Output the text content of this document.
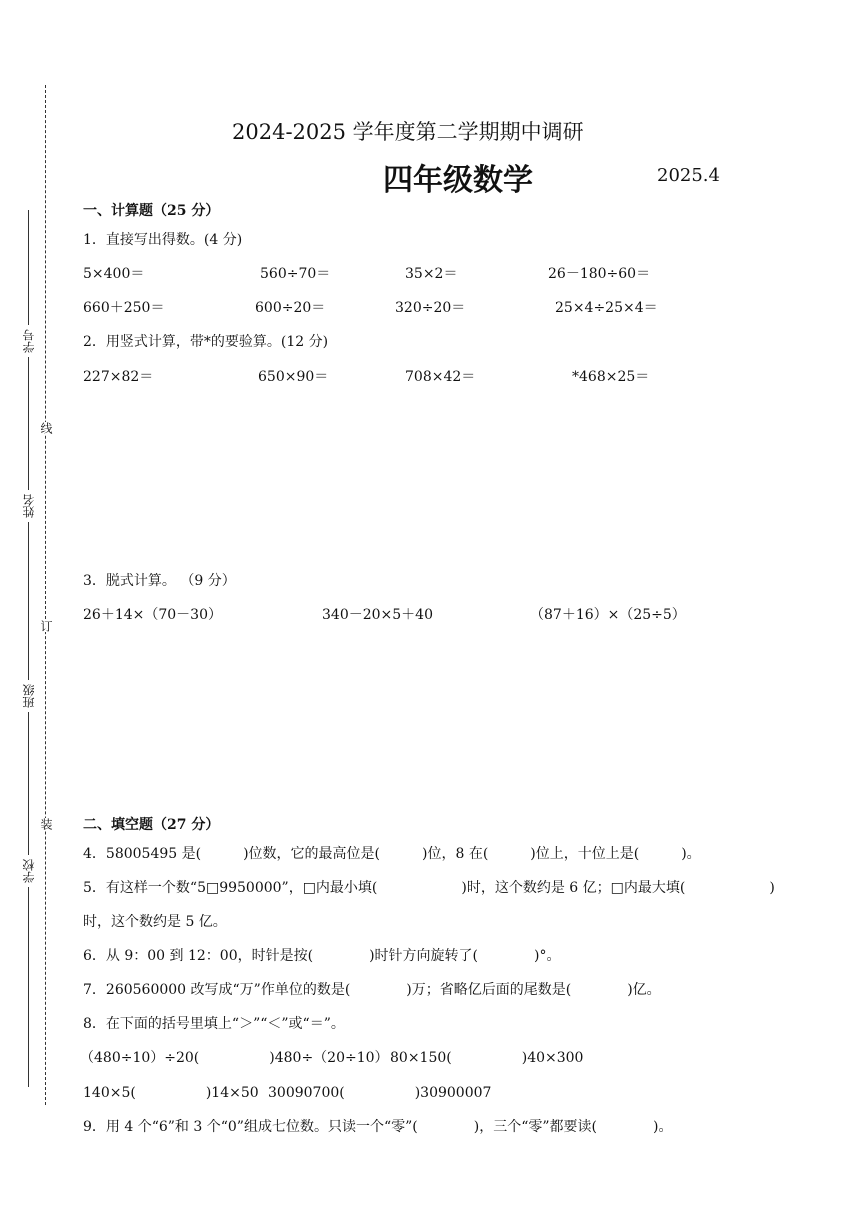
线
订
装
学号
姓名
班级
学校
2024-2025 学年度第二学期期中调研
四年级数学	2025.4
一、计算题（25 分）
1．直接写出得数。(4 分)
5×400＝	560÷70＝	35×2＝	26－180÷60＝
660＋250＝	600÷20＝	320÷20＝	25×4÷25×4＝
2．用竖式计算，带*的要验算。(12 分)
227×82＝	650×90＝	708×42＝	*468×25＝
3．脱式计算。 （9 分）
26＋14×（70－30）	340－20×5＋40	（87＋16）×（25÷5）
二、填空题（27 分）
4．58005495 是(　　　)位数，它的最高位是(　　　)位，8 在(　　　)位上，十位上是(　　　)。
5．有这样一个数“5□9950000”，□内最小填(　　　　　　)时，这个数约是 6 亿；□内最大填(　　　　　　)
时，这个数约是 5 亿。
6．从 9：00 到 12：00，时针是按(　　　　)时针方向旋转了(　　　　)°。
7．260560000 改写成“万”作单位的数是(　　　　)万；省略亿后面的尾数是(　　　　)亿。
8．在下面的括号里填上“＞”“＜”或“＝”。
（480÷10）÷20(　　　　　)480÷（20÷10） 80×150(　　　　　)40×300
140×5(　　　　　)14×50 30090700(　　　　　)30900007
9．用 4 个“6”和 3 个“0”组成七位数。只读一个“零”(　　　　)，三个“零”都要读(　　　　)。
